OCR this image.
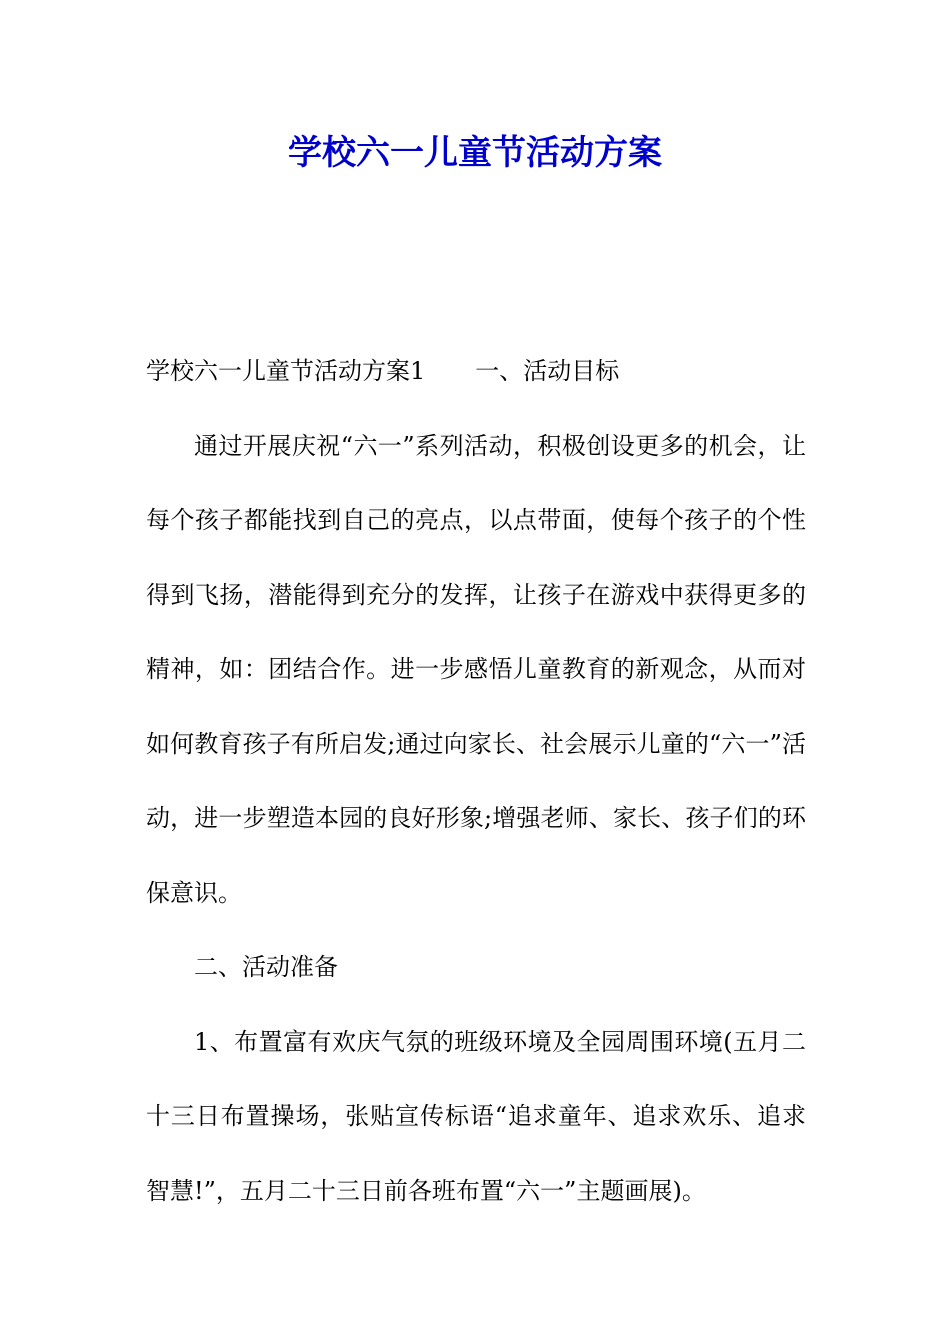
学校六一儿童节活动方案

学校六一儿童节活动方案1 一、活动目标

通过开展庆祝“六一”系列活动，积极创设更多的机会，让每个孩子都能找到自己的亮点，以点带面，使每个孩子的个性得到飞扬，潜能得到充分的发挥，让孩子在游戏中获得更多的精神，如：团结合作。进一步感悟儿童教育的新观念，从而对如何教育孩子有所启发;通过向家长、社会展示儿童的“六一”活动，进一步塑造本园的良好形象;增强老师、家长、孩子们的环保意识。

二、活动准备

1、布置富有欢庆气氛的班级环境及全园周围环境(五月二十三日布置操场，张贴宣传标语“追求童年、追求欢乐、追求智慧!”，五月二十三日前各班布置“六一”主题画展)。
